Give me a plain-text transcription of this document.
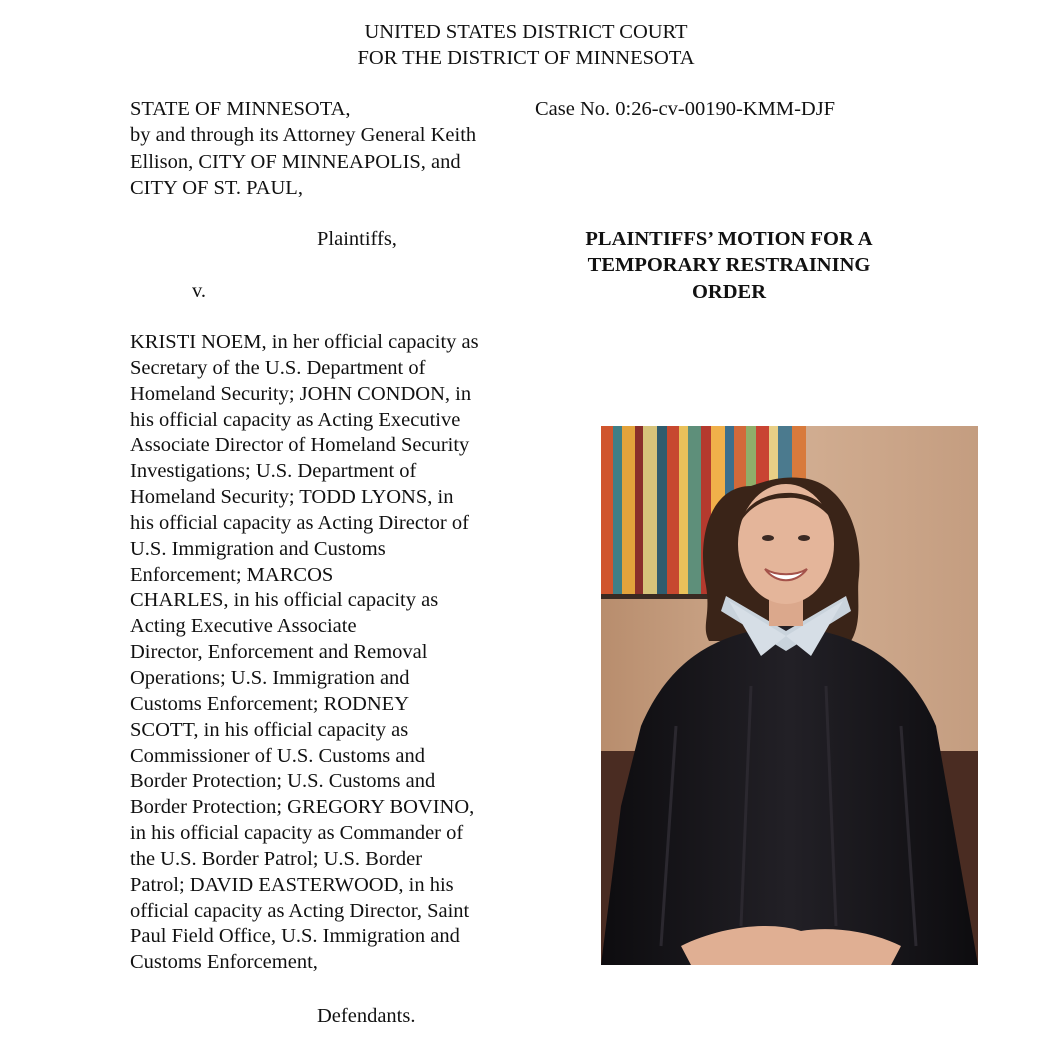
UNITED STATES DISTRICT COURT
FOR THE DISTRICT OF MINNESOTA
STATE OF MINNESOTA,
by and through its Attorney General Keith
Ellison, CITY OF MINNEAPOLIS, and
CITY OF ST. PAUL,
Case No. 0:26-cv-00190-KMM-DJF
Plaintiffs,
v.
PLAINTIFFS’ MOTION FOR A
TEMPORARY RESTRAINING
ORDER
KRISTI NOEM, in her official capacity as
Secretary of the U.S. Department of
Homeland Security; JOHN CONDON, in
his official capacity as Acting Executive
Associate Director of Homeland Security
Investigations; U.S. Department of
Homeland Security; TODD LYONS, in
his official capacity as Acting Director of
U.S. Immigration and Customs
Enforcement; MARCOS
CHARLES, in his official capacity as
Acting Executive Associate
Director, Enforcement and Removal
Operations; U.S. Immigration and
Customs Enforcement; RODNEY
SCOTT, in his official capacity as
Commissioner of U.S. Customs and
Border Protection; U.S. Customs and
Border Protection; GREGORY BOVINO,
in his official capacity as Commander of
the U.S. Border Patrol; U.S. Border
Patrol; DAVID EASTERWOOD, in his
official capacity as Acting Director, Saint
Paul Field Office, U.S. Immigration and
Customs Enforcement,
Defendants.
